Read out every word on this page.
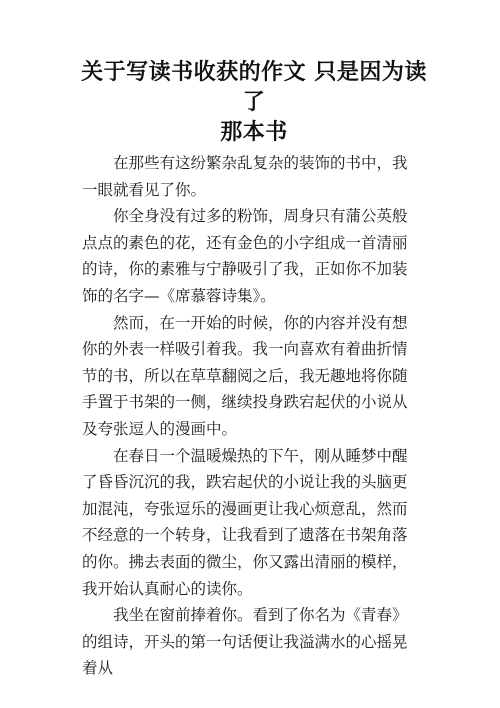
关于写读书收获的作文 只是因为读了
那本书

在那些有这纷繁杂乱复杂的装饰的书中，我一眼就看见了你。

你全身没有过多的粉饰，周身只有蒲公英般点点的素色的花，还有金色的小字组成一首清丽的诗，你的素雅与宁静吸引了我，正如你不加装饰的名字—《席慕蓉诗集》。

然而，在一开始的时候，你的内容并没有想你的外表一样吸引着我。我一向喜欢有着曲折情节的书，所以在草草翻阅之后，我无趣地将你随手置于书架的一侧，继续投身跌宕起伏的小说从及夸张逗人的漫画中。

在春日一个温暖燥热的下午，刚从睡梦中醒了昏昏沉沉的我，跌宕起伏的小说让我的头脑更加混沌，夸张逗乐的漫画更让我心烦意乱，然而不经意的一个转身，让我看到了遗落在书架角落的你。拂去表面的微尘，你又露出清丽的模样，我开始认真耐心的读你。

我坐在窗前捧着你。看到了你名为《青春》的组诗，开头的第一句话便让我溢满水的心摇晃着从
